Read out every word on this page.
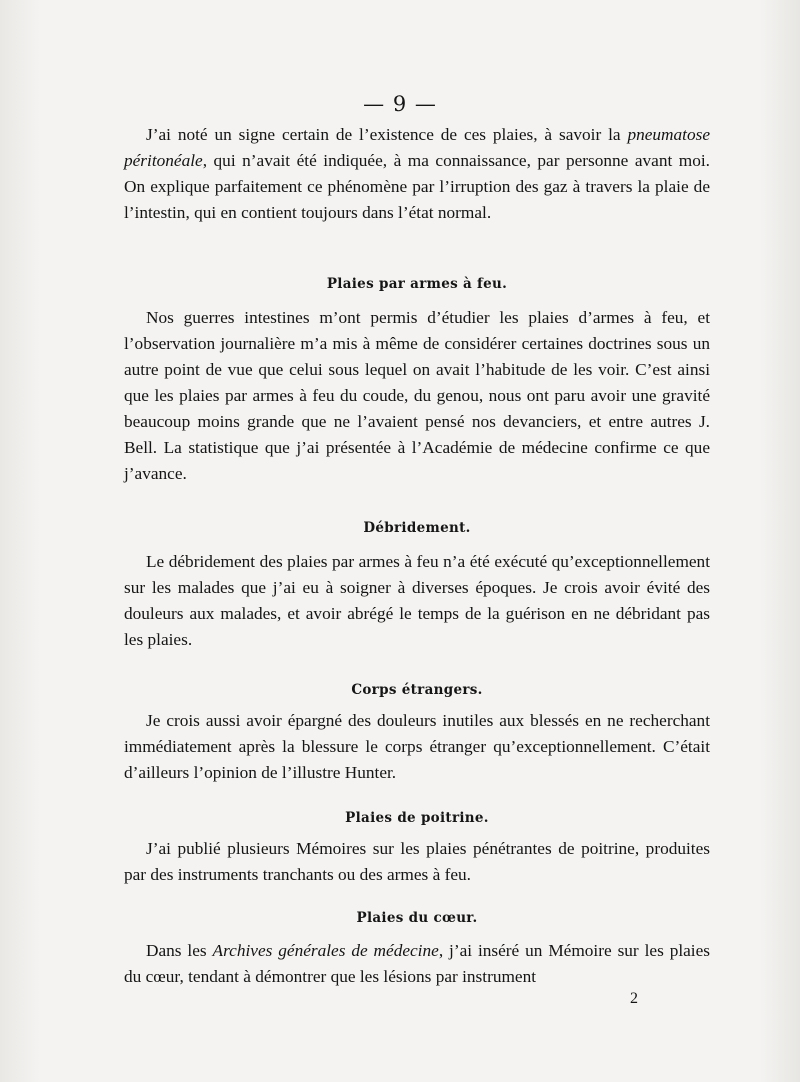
— 9 —

J’ai noté un signe certain de l’existence de ces plaies, à savoir la pneumatose péritonéale, qui n’avait été indiquée, à ma connaissance, par personne avant moi. On explique parfaitement ce phénomène par l’irruption des gaz à travers la plaie de l’intestin, qui en contient toujours dans l’état normal.

Plaies par armes à feu.

Nos guerres intestines m’ont permis d’étudier les plaies d’armes à feu, et l’observation journalière m’a mis à même de considérer certaines doctrines sous un autre point de vue que celui sous lequel on avait l’habitude de les voir. C’est ainsi que les plaies par armes à feu du coude, du genou, nous ont paru avoir une gravité beaucoup moins grande que ne l’avaient pensé nos devanciers, et entre autres J. Bell. La statistique que j’ai présentée à l’Académie de médecine confirme ce que j’avance.

Débridement.

Le débridement des plaies par armes à feu n’a été exécuté qu’exceptionnellement sur les malades que j’ai eu à soigner à diverses époques. Je crois avoir évité des douleurs aux malades, et avoir abrégé le temps de la guérison en ne débridant pas les plaies.

Corps étrangers.

Je crois aussi avoir épargné des douleurs inutiles aux blessés en ne recherchant immédiatement après la blessure le corps étranger qu’exceptionnellement. C’était d’ailleurs l’opinion de l’illustre Hunter.

Plaies de poitrine.

J’ai publié plusieurs Mémoires sur les plaies pénétrantes de poitrine, produites par des instruments tranchants ou des armes à feu.

Plaies du cœur.

Dans les Archives générales de médecine, j’ai inséré un Mémoire sur les plaies du cœur, tendant à démontrer que les lésions par instrument

2
